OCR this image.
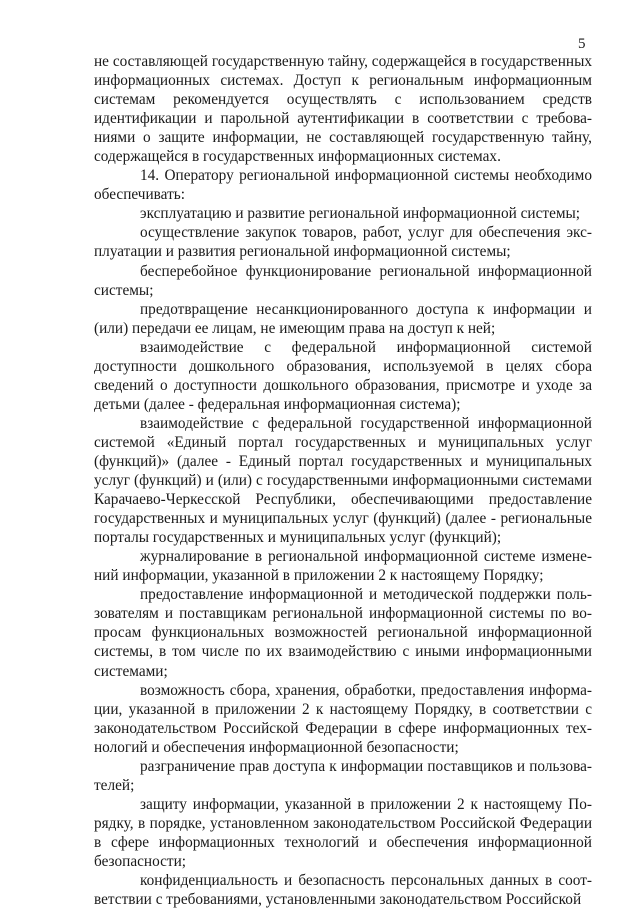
5

не составляющей государственную тайну, содержащейся в государственных информационных системах. Доступ к региональным информационным системам рекомендуется осуществлять с использованием средств идентификации и парольной аутентификации в соответствии с требованиями о защите информации, не составляющей государственную тайну, содержащейся в государственных информационных системах.

14. Оператору региональной информационной системы необходимо обеспечивать:

эксплуатацию и развитие региональной информационной системы;

осуществление закупок товаров, работ, услуг для обеспечения эксплуатации и развития региональной информационной системы;

бесперебойное функционирование региональной информационной системы;

предотвращение несанкционированного доступа к информации и (или) передачи ее лицам, не имеющим права на доступ к ней;

взаимодействие с федеральной информационной системой доступности дошкольного образования, используемой в целях сбора сведений о доступности дошкольного образования, присмотре и уходе за детьми (далее - федеральная информационная система);

взаимодействие с федеральной государственной информационной системой «Единый портал государственных и муниципальных услуг (функций)» (далее - Единый портал государственных и муниципальных услуг (функций) и (или) с государственными информационными системами Карачаево-Черкесской Республики, обеспечивающими предоставление государственных и муниципальных услуг (функций) (далее - региональные порталы государственных и муниципальных услуг (функций);

журналирование в региональной информационной системе изменений информации, указанной в приложении 2 к настоящему Порядку;

предоставление информационной и методической поддержки пользователям и поставщикам региональной информационной системы по вопросам функциональных возможностей региональной информационной системы, в том числе по их взаимодействию с иными информационными системами;

возможность сбора, хранения, обработки, предоставления информации, указанной в приложении 2 к настоящему Порядку, в соответствии с законодательством Российской Федерации в сфере информационных технологий и обеспечения информационной безопасности;

разграничение прав доступа к информации поставщиков и пользователей;

защиту информации, указанной в приложении 2 к настоящему Порядку, в порядке, установленном законодательством Российской Федерации в сфере информационных технологий и обеспечения информационной безопасности;

конфиденциальность и безопасность персональных данных в соответствии с требованиями, установленными законодательством Российской
